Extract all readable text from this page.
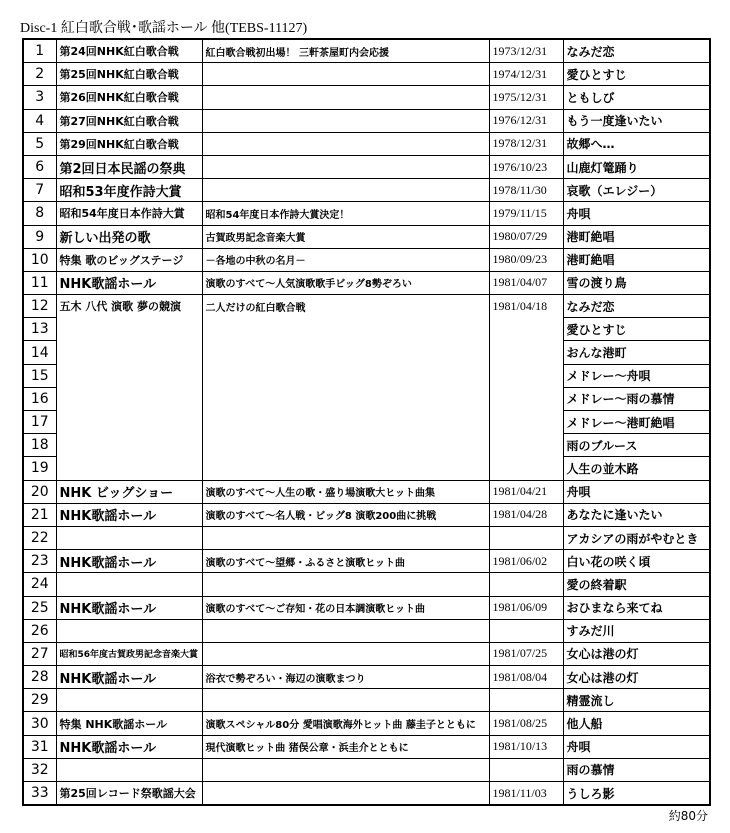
Disc-1 紅白歌合戦･歌謡ホール 他(TEBS-11127)
1	第24回NHK紅白歌合戦	紅白歌合戦初出場！ 三軒茶屋町内会応援	1973/12/31	なみだ恋
2	第25回NHK紅白歌合戦		1974/12/31	愛ひとすじ
3	第26回NHK紅白歌合戦		1975/12/31	ともしび
4	第27回NHK紅白歌合戦		1976/12/31	もう一度逢いたい
5	第29回NHK紅白歌合戦		1978/12/31	故郷へ…
6	第2回日本民謡の祭典		1976/10/23	山鹿灯篭踊り
7	昭和53年度作詩大賞		1978/11/30	哀歌（エレジー）
8	昭和54年度日本作詩大賞	昭和54年度日本作詩大賞決定！	1979/11/15	舟唄
9	新しい出発の歌	古賀政男記念音楽大賞	1980/07/29	港町絶唱
10	特集 歌のビッグステージ	－各地の中秋の名月－	1980/09/23	港町絶唱
11	NHK歌謡ホール	演歌のすべて～人気演歌歌手ビッグ8勢ぞろい	1981/04/07	雪の渡り鳥
12	五木 八代 演歌 夢の競演	二人だけの紅白歌合戦	1981/04/18	なみだ恋
13				愛ひとすじ
14				おんな港町
15				メドレー～舟唄
16				メドレー～雨の慕情
17				メドレー～港町絶唱
18				雨のブルース
19				人生の並木路
20	NHK ビッグショー	演歌のすべて～人生の歌・盛り場演歌大ヒット曲集	1981/04/21	舟唄
21	NHK歌謡ホール	演歌のすべて～名人戦・ビッグ8 演歌200曲に挑戦	1981/04/28	あなたに逢いたい
22				アカシアの雨がやむとき
23	NHK歌謡ホール	演歌のすべて～望郷・ふるさと演歌ヒット曲	1981/06/02	白い花の咲く頃
24				愛の終着駅
25	NHK歌謡ホール	演歌のすべて～ご存知・花の日本調演歌ヒット曲	1981/06/09	おひまなら来てね
26				すみだ川
27	昭和56年度古賀政男記念音楽大賞		1981/07/25	女心は港の灯
28	NHK歌謡ホール	浴衣で勢ぞろい・海辺の演歌まつり	1981/08/04	女心は港の灯
29				精霊流し
30	特集 NHK歌謡ホール	演歌スペシャル80分 愛唱演歌海外ヒット曲 藤圭子とともに	1981/08/25	他人船
31	NHK歌謡ホール	現代演歌ヒット曲 猪俣公章・浜圭介とともに	1981/10/13	舟唄
32				雨の慕情
33	第25回レコード祭歌謡大会		1981/11/03	うしろ影
約80分
